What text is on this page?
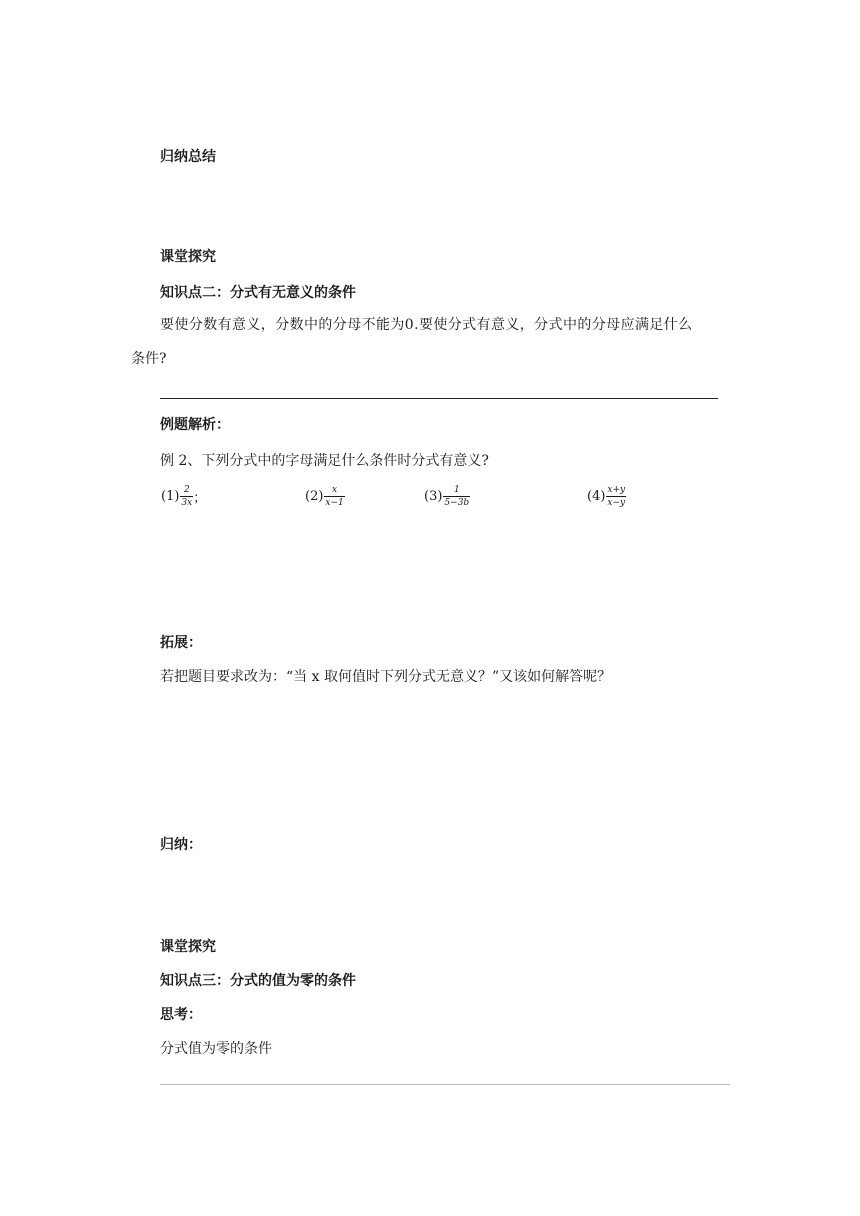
归纳总结
课堂探究
知识点二：分式有无意义的条件
要使分数有意义，分数中的分母不能为0.要使分式有意义，分式中的分母应满足什么
条件?
例题解析：
例 2、下列分式中的字母满足什么条件时分式有意义?
$(1) \frac{2}{3x}$ ；	$(2) \frac{x}{x-1}$	$(3) \frac{1}{5-3b}$	$(4) \frac{x+y}{x-y}$
拓展：
若把题目要求改为：“当 x 取何值时下列分式无意义？”又该如何解答呢？
归纳：
课堂探究
知识点三：分式的值为零的条件
思考：
分式值为零的条件
